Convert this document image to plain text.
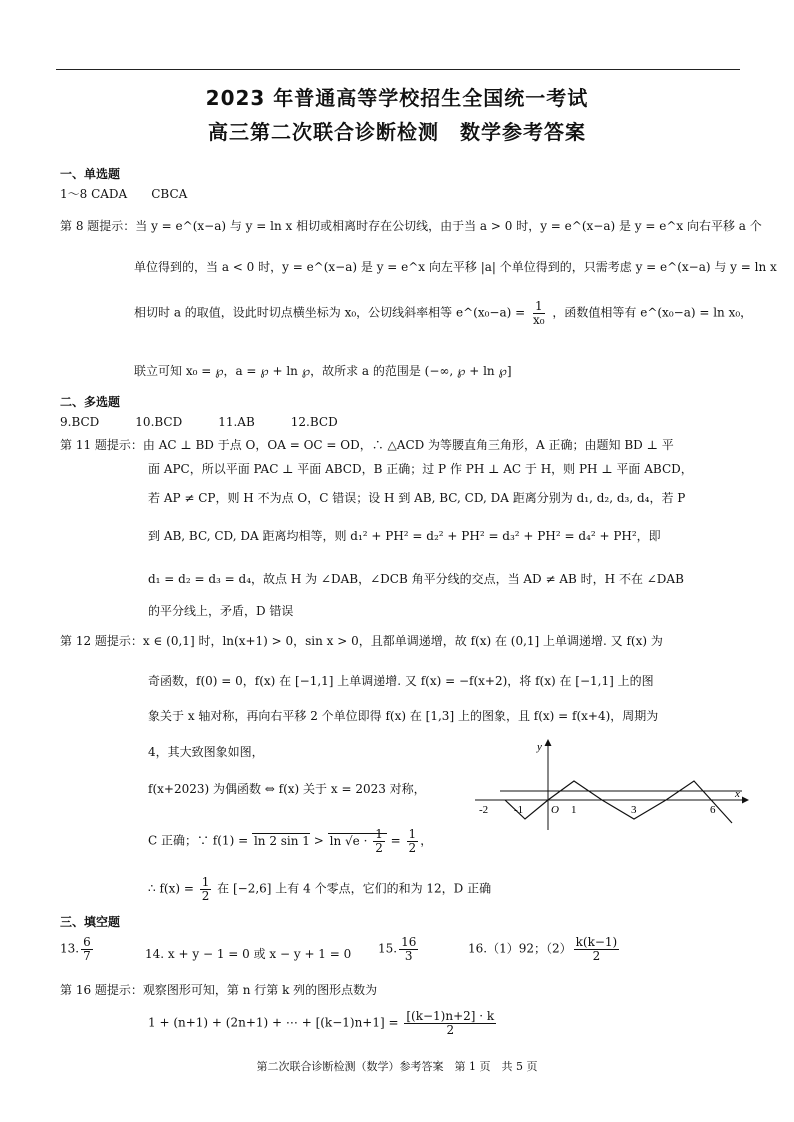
2023 年普通高等学校招生全国统一考试
高三第二次联合诊断检测　数学参考答案
一、单选题
1～8 CADA　　CBCA
第 8 题提示：当 y = e^(x−a) 与 y = ln x 相切或相离时存在公切线，由于当 a > 0 时，y = e^(x−a) 是 y = e^x 向右平移 a 个
单位得到的，当 a < 0 时，y = e^(x−a) 是 y = e^x 向左平移 |a| 个单位得到的，只需考虑 y = e^(x−a) 与 y = ln x
相切时 a 的取值，设此时切点横坐标为 x₀，公切线斜率相等 e^(x₀−a) = $\frac{1}{\text{x₀}}$ ，函数值相等有 e^(x₀−a) = ln x₀，
联立可知 x₀ = ℘，a = ℘ + ln ℘，故所求 a 的范围是 (−∞, ℘ + ln ℘]
二、多选题
9.BCD　　　10.BCD　　　11.AB　　　12.BCD
第 11 题提示：由 AC ⊥ BD 于点 O，OA = OC = OD，∴ △ACD 为等腰直角三角形，A 正确；由题知 BD ⊥ 平
面 APC，所以平面 PAC ⊥ 平面 ABCD，B 正确；过 P 作 PH ⊥ AC 于 H，则 PH ⊥ 平面 ABCD，
若 AP ≠ CP，则 H 不为点 O，C 错误；设 H 到 AB, BC, CD, DA 距离分别为 d₁, d₂, d₃, d₄，若 P
到 AB, BC, CD, DA 距离均相等，则 d₁² + PH² = d₂² + PH² = d₃² + PH² = d₄² + PH²，即
d₁ = d₂ = d₃ = d₄，故点 H 为 ∠DAB，∠DCB 角平分线的交点，当 AD ≠ AB 时，H 不在 ∠DAB
的平分线上，矛盾，D 错误
第 12 题提示：x ∈ (0,1] 时，ln(x+1) > 0，sin x > 0，且都单调递增，故 f(x) 在 (0,1] 上单调递增. 又 f(x) 为
奇函数，f(0) = 0，f(x) 在 [−1,1] 上单调递增. 又 f(x) = −f(x+2)，将 f(x) 在 [−1,1] 上的图
象关于 x 轴对称，再向右平移 2 个单位即得 f(x) 在 [1,3] 上的图象，且 f(x) = f(x+4)，周期为
4，其大致图象如图，
f(x+2023) 为偶函数 ⇔ f(x) 关于 x = 2023 对称，
C 正确；∵ f(1) = ln 2 $\sin 1 > \ln √e \cdot \frac{1}{2} = \frac{1}{2}$ ，
∴ $f(x) = \frac{1}{2}$ 在 [−2,6] 上有 4 个零点，它们的和为 12，D 正确
x
y
O
-2 -1	1	3	6
三、填空题
13. $\frac{6}{7}$	14. x + y − 1 = 0 或 x − y + 1 = 0 15. $\frac{16}{3}$	16.（1）92；$(2) \frac{k(k-1)}{2}$
第 16 题提示：观察图形可知，第 n 行第 k 列的图形点数为
1 + (n+1) + (2n+1) + ⋯ + $[(k-1)n+1] = \frac{[(k-1)n+2] \cdot k}{2}$
第二次联合诊断检测（数学）参考答案　第 1 页　共 5 页
